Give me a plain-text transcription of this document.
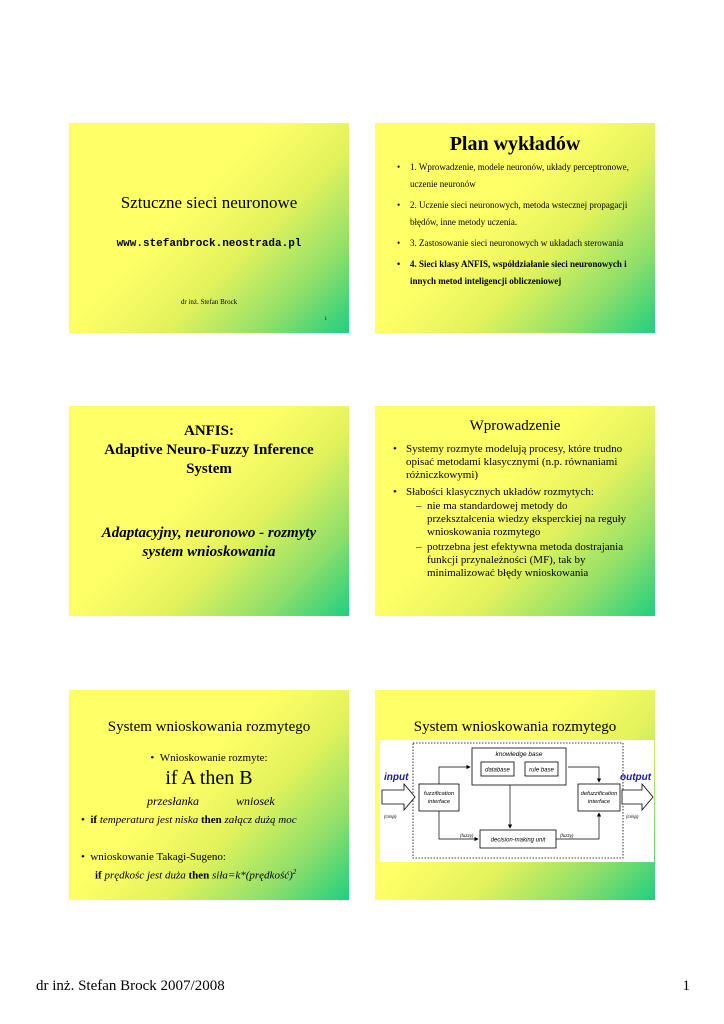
Sztuczne sieci neuronowe
www.stefanbrock.neostrada.pl
dr inż. Stefan Brock
1
Plan wykładów
• 1. Wprowadzenie, modele neuronów, układy perceptronowe, uczenie neuronów
• 2. Uczenie sieci neuronowych, metoda wstecznej propagacji błędów, inne metody uczenia.
• 3. Zastosowanie sieci neuronowych w układach sterowania
• 4. Sieci klasy ANFIS, współdziałanie sieci neuronowych i innych metod inteligencji obliczeniowej
ANFIS:
Adaptive Neuro-Fuzzy Inference System
Adaptacyjny, neuronowo - rozmyty system wnioskowania
Wprowadzenie
• Systemy rozmyte modelują procesy, które trudno opisać metodami klasycznymi (n.p. równaniami różniczkowymi)
• Słabości klasycznych układów rozmytych:
– nie ma standardowej metody do przekształcenia wiedzy eksperckiej na reguły wnioskowania rozmytego
– potrzebna jest efektywna metoda dostrajania funkcji przynależności (MF), tak by minimalizować błędy wnioskowania
System wnioskowania rozmytego
•  Wnioskowanie rozmyte:
if A then B
przesłanka	wniosek
•  if temperatura jest niska then załącz dużą moc
•  wnioskowanie Takagi-Sugeno:
if prędkośc jest duża then siła=k*(prędkość)$^2$
System wnioskowania rozmytego
knowledge base
database	rule base
fuzzification
interface
defuzzification
interface
decision-making unit
input	output
(crisp)	(crisp)
(fuzzy)	(fuzzy)
dr inż. Stefan Brock 2007/2008	1
